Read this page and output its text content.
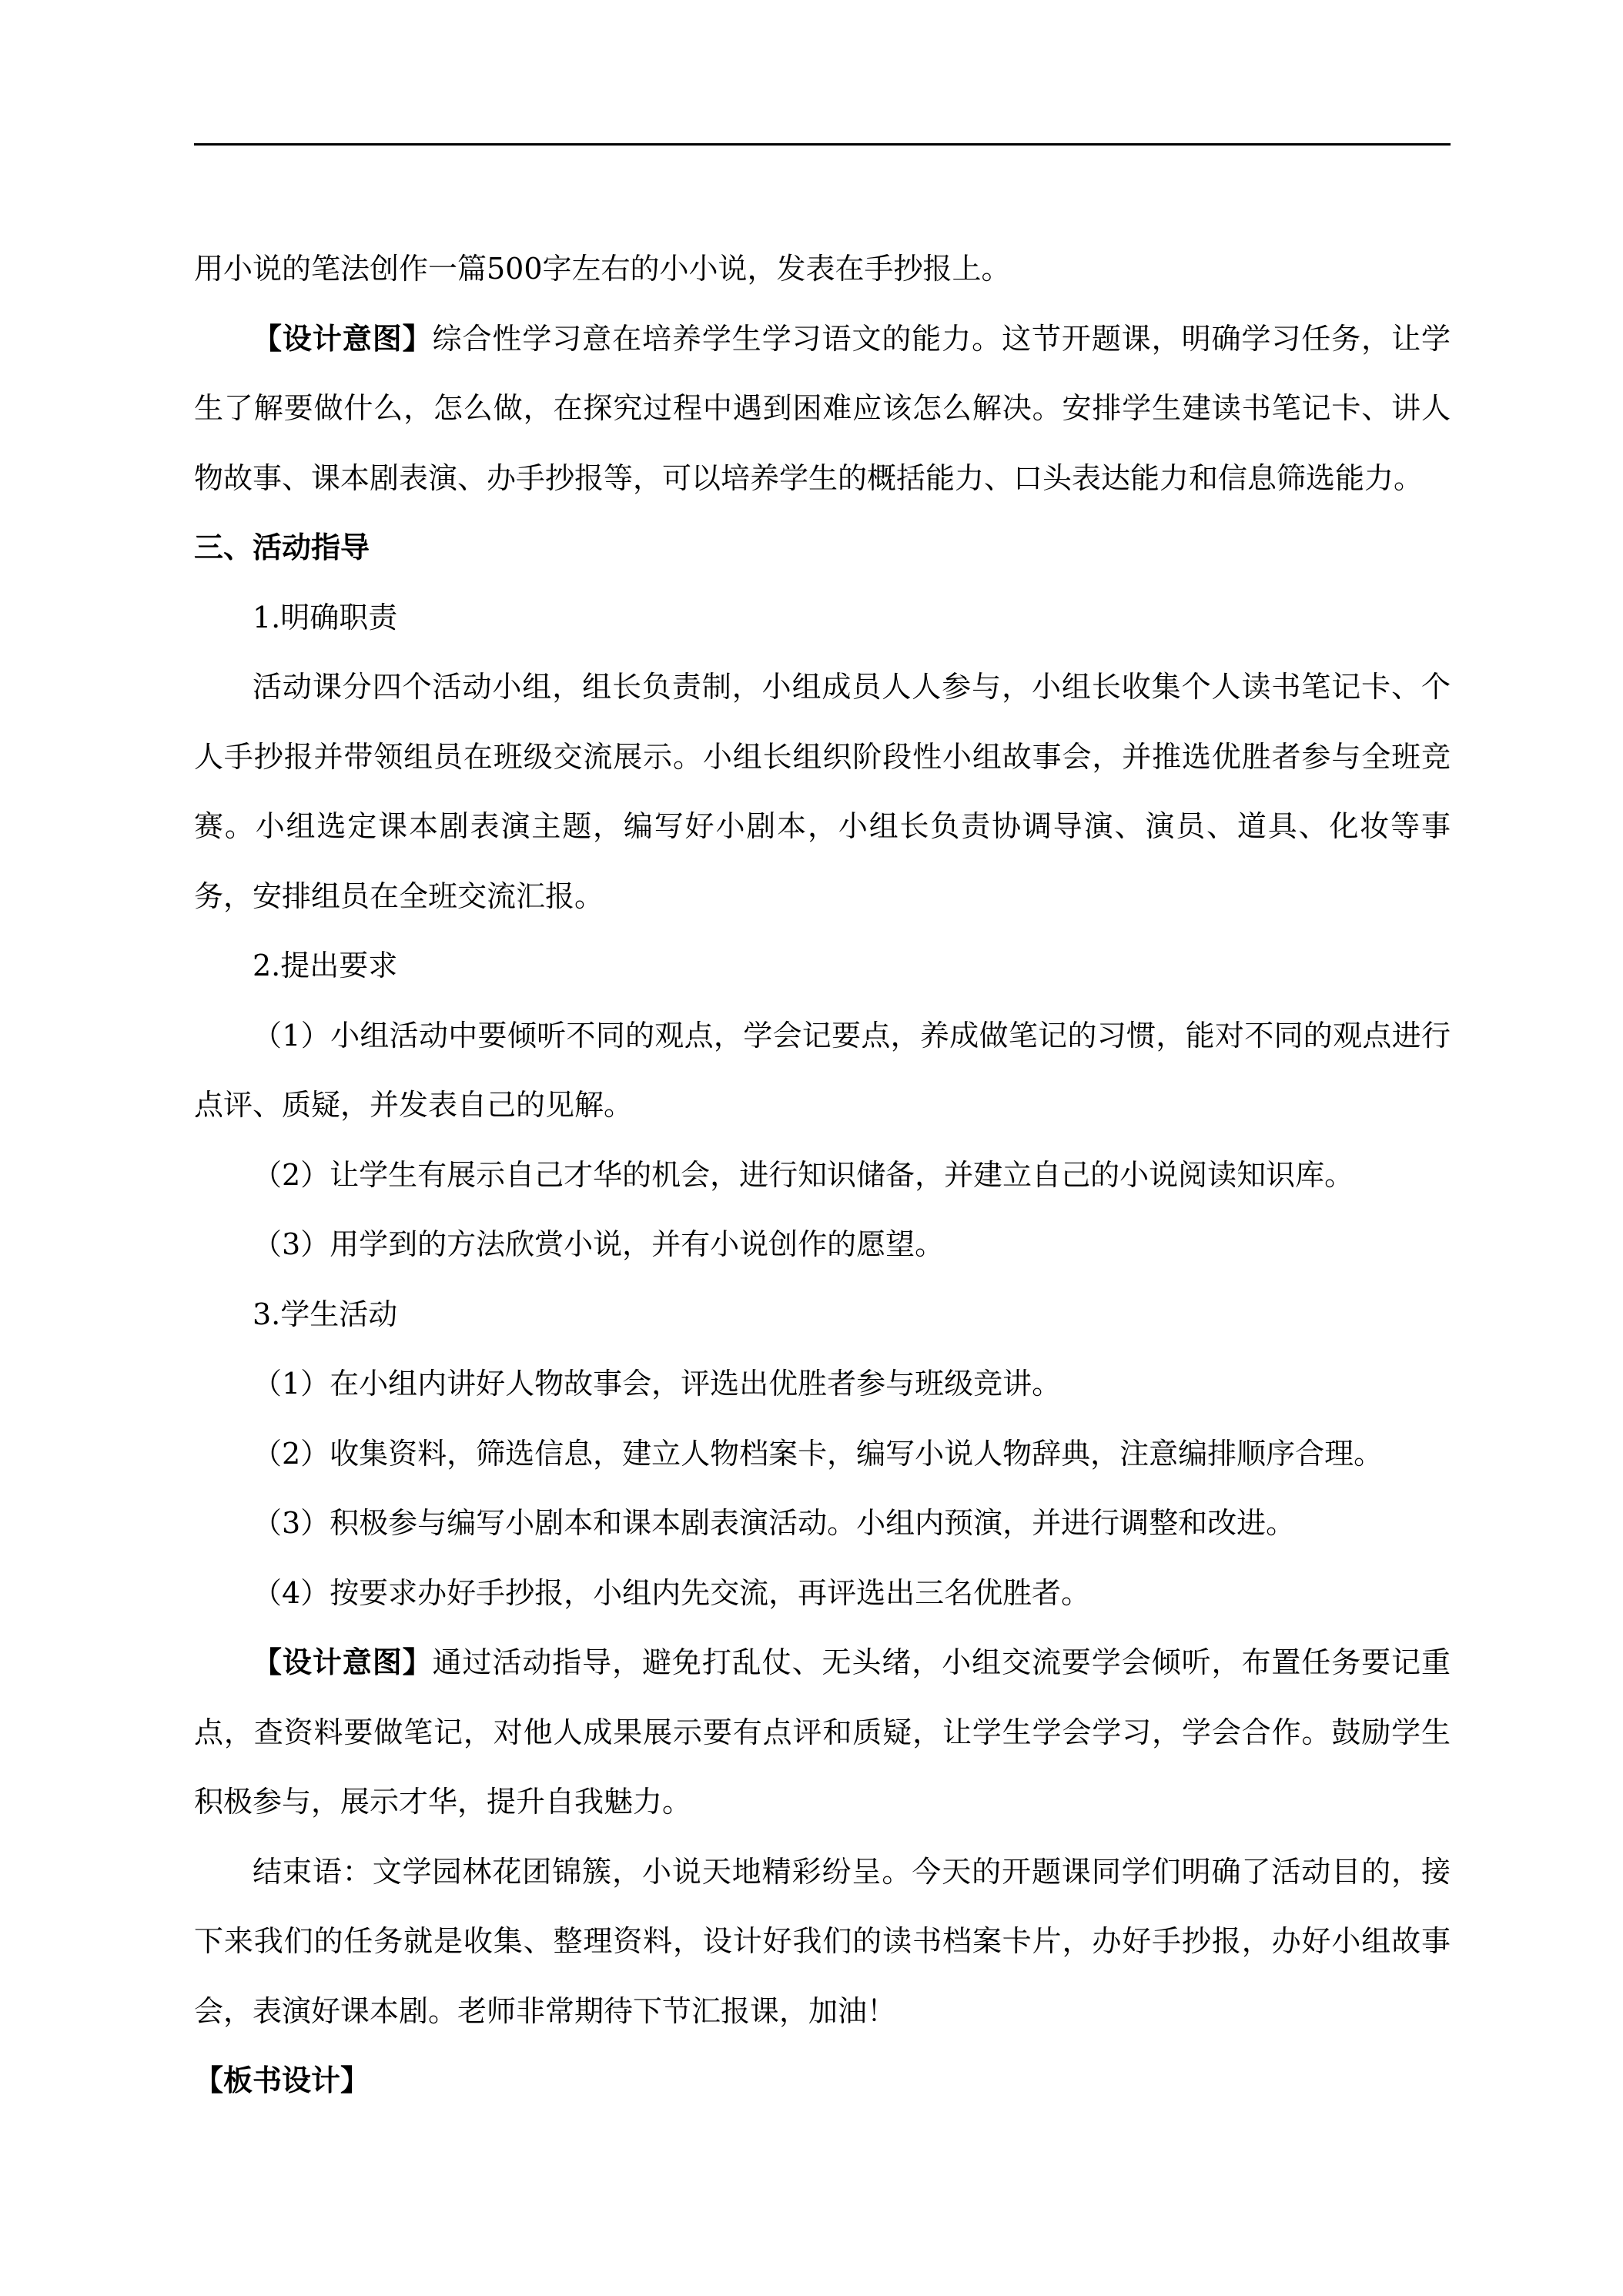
用小说的笔法创作一篇500字左右的小小说，发表在手抄报上。

【设计意图】综合性学习意在培养学生学习语文的能力。这节开题课，明确学习任务，让学生了解要做什么，怎么做，在探究过程中遇到困难应该怎么解决。安排学生建读书笔记卡、讲人物故事、课本剧表演、办手抄报等，可以培养学生的概括能力、口头表达能力和信息筛选能力。

三、活动指导

1.明确职责

活动课分四个活动小组，组长负责制，小组成员人人参与，小组长收集个人读书笔记卡、个人手抄报并带领组员在班级交流展示。小组长组织阶段性小组故事会，并推选优胜者参与全班竞赛。小组选定课本剧表演主题，编写好小剧本，小组长负责协调导演、演员、道具、化妆等事务，安排组员在全班交流汇报。

2.提出要求

（1）小组活动中要倾听不同的观点，学会记要点，养成做笔记的习惯，能对不同的观点进行点评、质疑，并发表自己的见解。

（2）让学生有展示自己才华的机会，进行知识储备，并建立自己的小说阅读知识库。

（3）用学到的方法欣赏小说，并有小说创作的愿望。

3.学生活动

（1）在小组内讲好人物故事会，评选出优胜者参与班级竞讲。

（2）收集资料，筛选信息，建立人物档案卡，编写小说人物辞典，注意编排顺序合理。

（3）积极参与编写小剧本和课本剧表演活动。小组内预演，并进行调整和改进。

（4）按要求办好手抄报，小组内先交流，再评选出三名优胜者。

【设计意图】通过活动指导，避免打乱仗、无头绪，小组交流要学会倾听，布置任务要记重点，查资料要做笔记，对他人成果展示要有点评和质疑，让学生学会学习，学会合作。鼓励学生积极参与，展示才华，提升自我魅力。

结束语：文学园林花团锦簇，小说天地精彩纷呈。今天的开题课同学们明确了活动目的，接下来我们的任务就是收集、整理资料，设计好我们的读书档案卡片，办好手抄报，办好小组故事会，表演好课本剧。老师非常期待下节汇报课，加油！

【板书设计】
